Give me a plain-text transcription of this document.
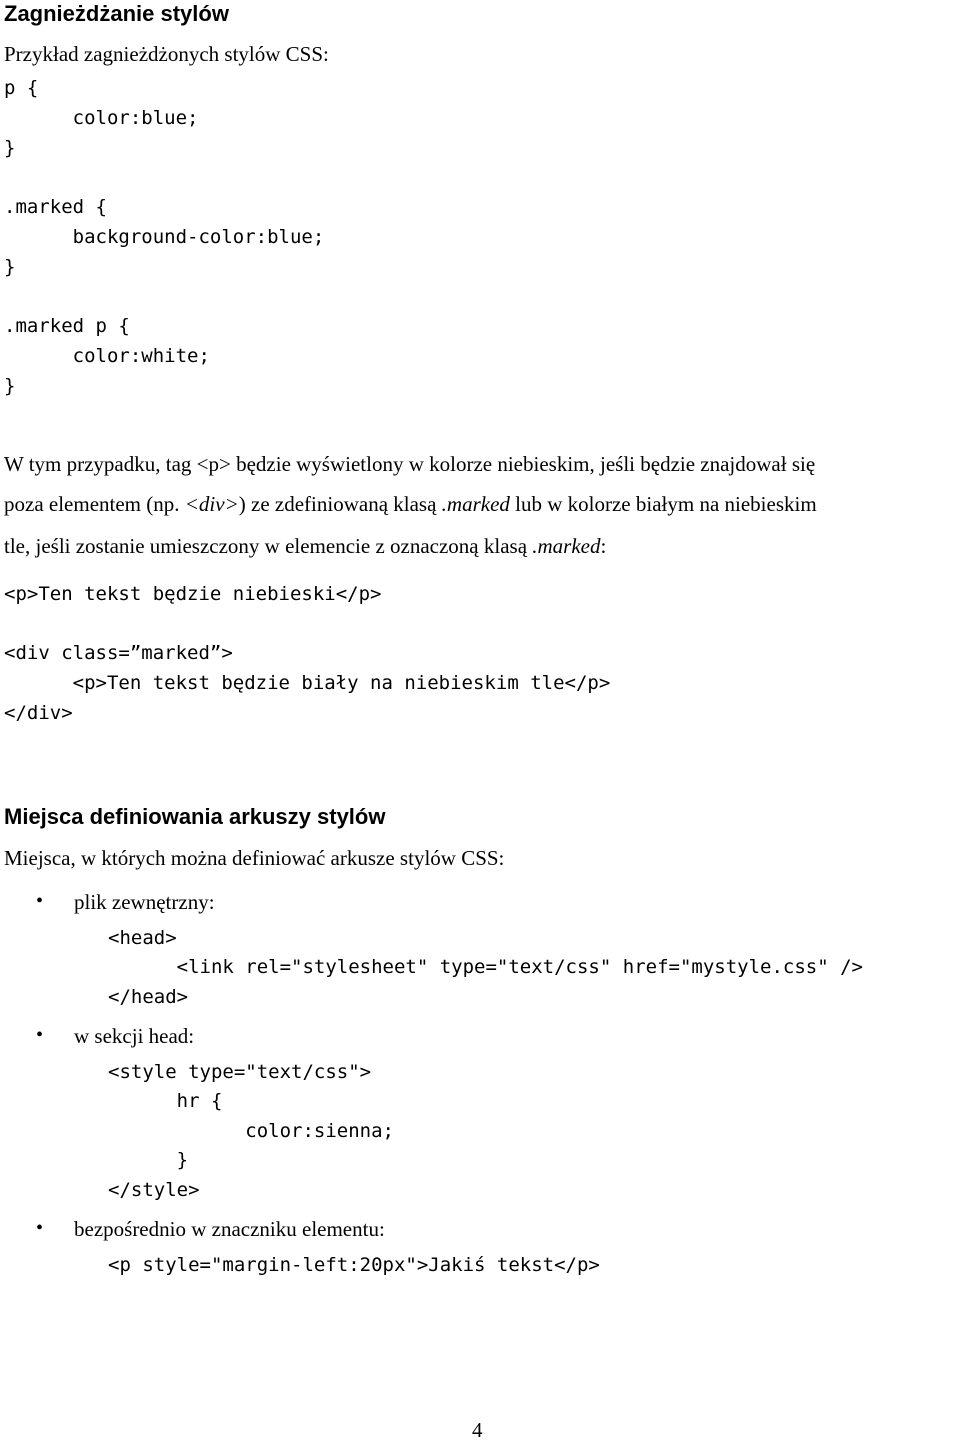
Zagnieżdżanie stylów
Przykład zagnieżdżonych stylów CSS:
p {
color:blue;
}
.marked {
background-color:blue;
}
.marked p {
color:white;
}
W tym przypadku, tag <p> będzie wyświetlony w kolorze niebieskim, jeśli będzie znajdował się
poza elementem (np. <div>) ze zdefiniowaną klasą .marked lub w kolorze białym na niebieskim
tle, jeśli zostanie umieszczony w elemencie z oznaczoną klasą .marked:
<p>Ten tekst będzie niebieski</p>
<div class=”marked”>
<p>Ten tekst będzie biały na niebieskim tle</p>
</div>
Miejsca definiowania arkuszy stylów
Miejsca, w których można definiować arkusze stylów CSS:
• plik zewnętrzny:
<head>
<link rel="stylesheet" type="text/css" href="mystyle.css" />
</head>
• w sekcji head:
<style type="text/css">
hr {
color:sienna;
}
</style>
• bezpośrednio w znaczniku elementu:
<p style="margin-left:20px">Jakiś tekst</p>
4
